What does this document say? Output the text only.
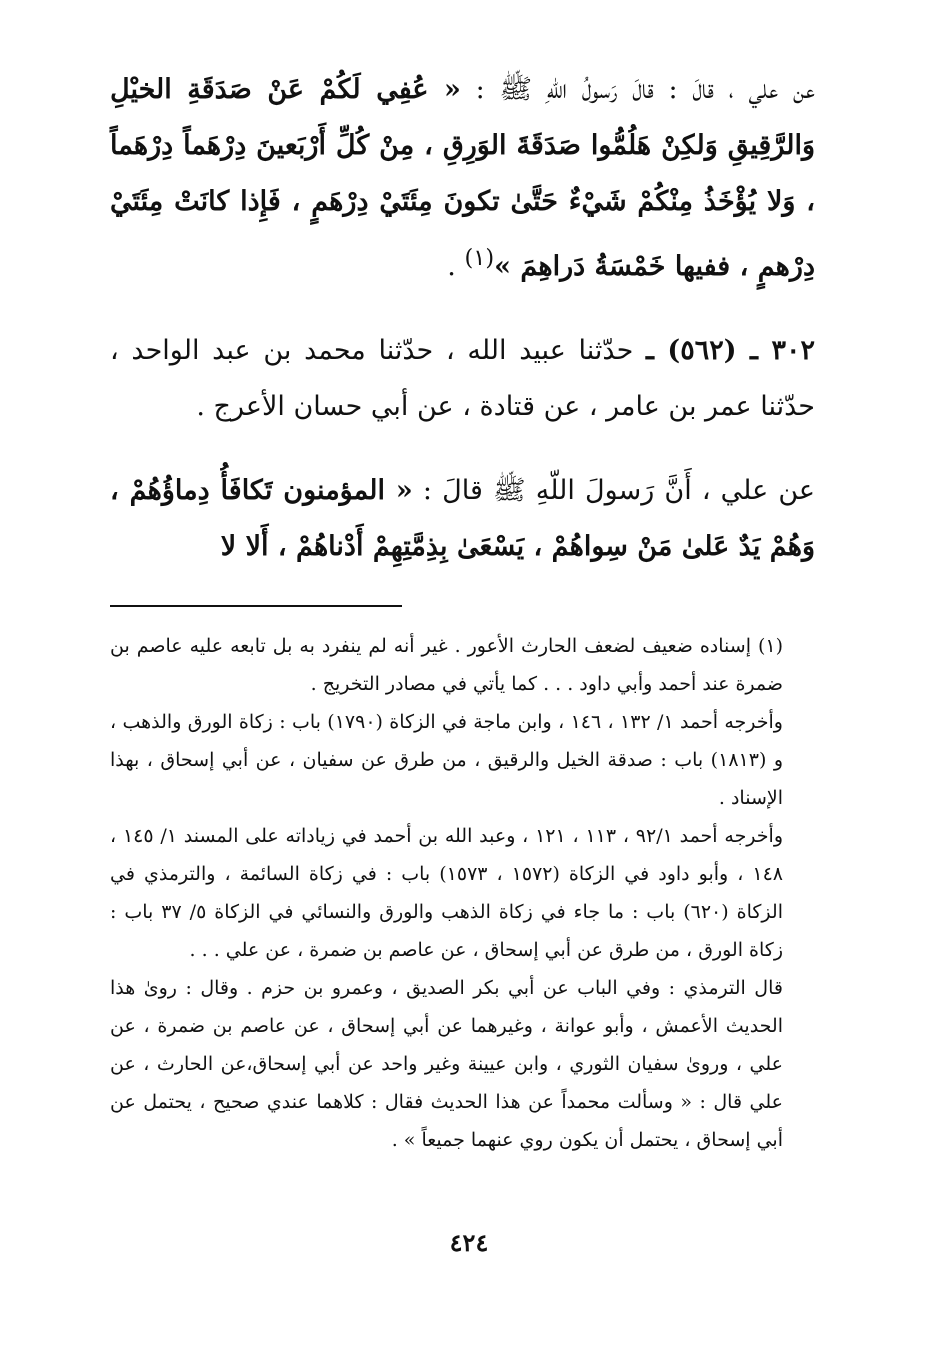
عن علي ، قالَ : قالَ رَسولُ اللّهِ ﷺ : « عُفِي لَكُمْ عَنْ صَدَقَةِ الخيْلِ وَالرَّقِيقِ وَلكِنْ هَلُمُّوا صَدَقَةَ الوَرِقِ ، مِنْ كُلِّ أَرْبَعينَ دِرْهَماً دِرْهَماً ، وَلا يُؤْخَذُ مِنْكُمْ شَيْءٌ حَتَّىٰ تكونَ مِئَتَيْ دِرْهَمٍ ، فَإِذا كانَتْ مِئَتَيْ دِرْهمٍ ، ففيها خَمْسَةُ دَراهِمَ »$^{(١)}$ .

٣٠٢ ـ (٥٦٢) ـ حدّثنا عبيد الله ، حدّثنا محمد بن عبد الواحد ، حدّثنا عمر بن عامر ، عن قتادة ، عن أبي حسان الأعرج .

عن علي ، أَنَّ رَسولَ اللّهِ ﷺ قالَ : « المؤمنون تَكافَأُ دِماؤُهُمْ ، وَهُمْ يَدٌ عَلىٰ مَنْ سِواهُمْ ، يَسْعَىٰ بِذِمَّتِهِمْ أَدْناهُمْ ، أَلا لا

(١) إسناده ضعيف لضعف الحارث الأعور . غير أنه لم ينفرد به بل تابعه عليه عاصم بن ضمرة عند أحمد وأبي داود . . . كما يأتي في مصادر التخريج .

وأخرجه أحمد ١/ ١٣٢ ، ١٤٦ ، وابن ماجة في الزكاة (١٧٩٠) باب : زكاة الورق والذهب ، و (١٨١٣) باب : صدقة الخيل والرقيق ، من طرق عن سفيان ، عن أبي إسحاق ، بهذا الإسناد .

وأخرجه أحمد ٩٢/١ ، ١١٣ ، ١٢١ ، وعبد الله بن أحمد في زياداته على المسند ١/ ١٤٥ ، ١٤٨ ، وأبو داود في الزكاة (١٥٧٢ ، ١٥٧٣) باب : في زكاة السائمة ، والترمذي في الزكاة (٦٢٠) باب : ما جاء في زكاة الذهب والورق والنسائي في الزكاة ٥/ ٣٧ باب : زكاة الورق ، من طرق عن أبي إسحاق ، عن عاصم بن ضمرة ، عن علي . . .

قال الترمذي : وفي الباب عن أبي بكر الصديق ، وعمرو بن حزم . وقال : روىٰ هذا الحديث الأعمش ، وأبو عوانة ، وغيرهما عن أبي إسحاق ، عن عاصم بن ضمرة ، عن علي ، وروىٰ سفيان الثوري ، وابن عيينة وغير واحد عن أبي إسحاق،عن الحارث ، عن علي قال : « وسألت محمداً عن هذا الحديث فقال : كلاهما عندي صحيح ، يحتمل عن أبي إسحاق ، يحتمل أن يكون روي عنهما جميعاً » .

٤٢٤
